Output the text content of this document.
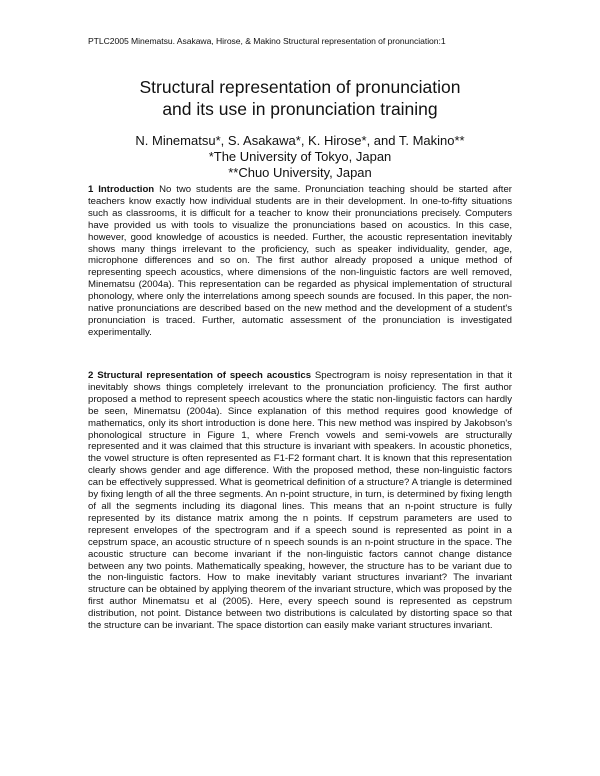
PTLC2005 Minematsu. Asakawa, Hirose, & Makino Structural representation of pronunciation:1
Structural representation of pronunciation
and its use in pronunciation training
N. Minematsu*, S. Asakawa*, K. Hirose*, and T. Makino**
*The University of Tokyo, Japan
**Chuo University, Japan

1 Introduction No two students are the same. Pronunciation teaching should be started after teachers know exactly how individual students are in their development. In one-to-fifty situations such as classrooms, it is difficult for a teacher to know their pronunciations precisely. Computers have provided us with tools to visualize the pronunciations based on acoustics. In this case, however, good knowledge of acoustics is needed. Further, the acoustic representation inevitably shows many things irrelevant to the proficiency, such as speaker individuality, gender, age, microphone differences and so on. The first author already proposed a unique method of representing speech acoustics, where dimensions of the non-linguistic factors are well removed, Minematsu (2004a). This representation can be regarded as physical implementation of structural phonology, where only the interrelations among speech sounds are focused. In this paper, the non-native pronunciations are described based on the new method and the development of a student's pronunciation is traced. Further, automatic assessment of the pronunciation is investigated experimentally.

2 Structural representation of speech acoustics Spectrogram is noisy representation in that it inevitably shows things completely irrelevant to the pronunciation proficiency. The first author proposed a method to represent speech acoustics where the static non-linguistic factors can hardly be seen, Minematsu (2004a). Since explanation of this method requires good knowledge of mathematics, only its short introduction is done here. This new method was inspired by Jakobson's phonological structure in Figure 1, where French vowels and semi-vowels are structurally represented and it was claimed that this structure is invariant with speakers. In acoustic phonetics, the vowel structure is often represented as F1-F2 formant chart. It is known that this representation clearly shows gender and age difference. With the proposed method, these non-linguistic factors can be effectively suppressed. What is geometrical definition of a structure? A triangle is determined by fixing length of all the three segments. An n-point structure, in turn, is determined by fixing length of all the segments including its diagonal lines. This means that an n-point structure is fully represented by its distance matrix among the n points. If cepstrum parameters are used to represent envelopes of the spectrogram and if a speech sound is represented as point in a cepstrum space, an acoustic structure of n speech sounds is an n-point structure in the space. The acoustic structure can become invariant if the non-linguistic factors cannot change distance between any two points. Mathematically speaking, however, the structure has to be variant due to the non-linguistic factors. How to make inevitably variant structures invariant? The invariant structure can be obtained by applying theorem of the invariant structure, which was proposed by the first author Minematsu et al (2005). Here, every speech sound is represented as cepstrum distribution, not point. Distance between two distributions is calculated by distorting space so that the structure can be invariant. The space distortion can easily make variant structures invariant.
